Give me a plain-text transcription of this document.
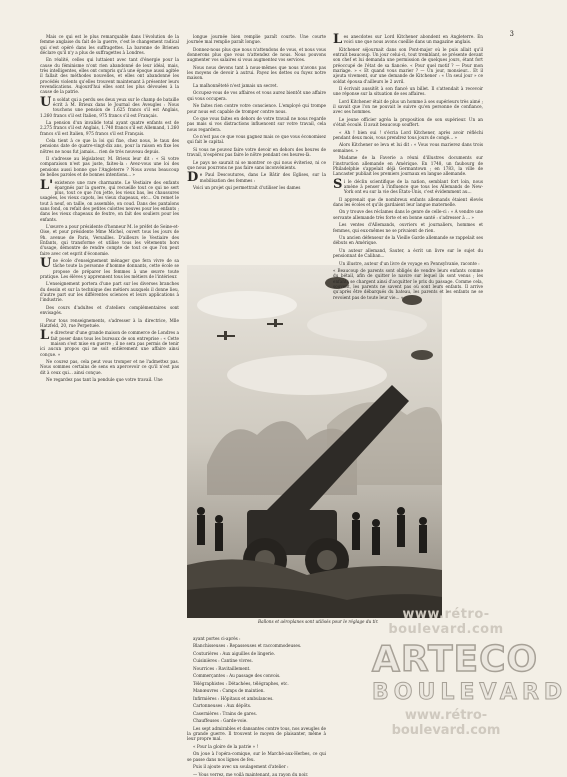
3

Mais ce qui est le plus remarquable dans l'évolution de la femme anglaise du fait de la guerre, c'est le changement radical qui s'est opéré dans les suffragettes. La baronne de Brienen déclare qu'il n'y a plus de suffragettes à Londres.

En réalité, celles qui luttaient avec tant d'énergie pour la cause du féminisme n'ont rien abandonné de leur idéal, mais, très intelligentes, elles ont compris qu'à une époque aussi agitée il fallait des méthodes nouvelles, et elles ont abandonné les procédés violents qu'elles trouvent maintenant à présenter leurs revendications. Aujourd'hui elles sont les plus dévouées à la cause de la patrie.

Un soldat qui a perdu ses deux yeux sur le champ de bataille écrit à M. Brieux dans le Journal des Aveugles : Nous touchons une pension de 1.625 francs s'il est Anglais, 1.260 francs s'il est Italien, 975 francs s'il est Français.

La pension d'un invalide total ayant quatre enfants est de 2.275 francs s'il est Anglais, 1.740 francs s'il est Allemand, 1.260 francs s'il est Italien, 975 francs s'il est Français.

Cela tient à ce que la loi qui fixe, chez nous, le taux des pensions date de quatre-vingt-dix ans, pour la raison en fixe les nôtres ne nous fut jamais... rien de très nouveau depuis.

Il s'adresse au législateur, M. Brieux leur dit : « Si votre comparaison n'est pas juste, faites-la : Avez-vous une loi des pensions aussi bonne que l'Angleterre ? Nous avons beaucoup de belles paroles et de bonnes intentions... »

L'existence une rare charmante. Le Vestiaire des enfants épargnés par la guerre, qui recueille tout ce qui ne sert plus, tout ce que l'on jette, les vieux bas, les chaussures usagées, les vieux capots, les vieux chapeaux, etc... On remet le tout à neuf, on taille, on assemble, on coud. Dans des pantalons sans fond, on refait des petites culottes neuves pour les enfants ; dans les vieux chapeaux de feutre, on fait des souliers pour les enfants.

L'œuvre a pour présidente d'honneur M. le préfet de Seine-et-Oise, et pour présidente Mme Michel, ouvert tous les jours de 9h. avenue de Paris, Versailles. D'ailleurs le Vestiaire des Enfants, qui transforme et utilise tous les vêtements hors d'usage, démontre de rendre compte de tout ce que l'on peut faire avec cet esprit d'économie.

Une école d'enseignement ménager que fera vivre de sa tâche toute la personne d'homme donnants, cette école se propose de préparer les femmes à une œuvre toute pratique. Les élèves y apprennent tous les métiers de l'intérieur.

L'enseignement portera d'une part sur les diverses branches du dessin et sur la technique des métiers auxquels il donne lieu, d'autre part sur les différentes sciences et leurs applications à l'industrie.

Des cours d'adultes et d'ateliers complémentaires sont envisagés.

Pour tous renseignements, s'adresser à la directrice, Mlle Hatzfeld, 20, rue Perpetuée.

Le directeur d'une grande maison de commerce de Londres a fait poser dans tous les bureaux de son entreprise : « Cette maison s'est mise en guerre ; il ne sera pas permis de tenir ici aucun propos qui ne soit entièrement une affaire ainsi conçue. »

Ne courez pas, cela peut vous tromper et ne l'admettez pas. Nous sommes certains de sens en apercevoir ce qu'il n'est pas dit à ceux qui... ainsi conçue.

Ne regardez pas tant la pendule que votre travail. Une

longue journée bien remplie paraît courte. Une courte journée mal remplie paraît longue.

Donnez-nous plus que nous n'attendons de vous, et nous vous donnerons plus que vous n'attendez de nous. Nous pouvons augmenter vos salaires si vous augmentez vos services.

Nous nous devons tant à nous-mêmes que nous n'avons pas les moyens de devoir à autrui. Payez les dettes ou fuyez notre maison.

La malhonnêteté n'est jamais un secret.

Occupez-vous de vos affaires et vous aurez bientôt une affaire qui vous occupera.

Ne faites rien contre votre conscience. L'employé qui trompe pour nous est capable de tromper contre nous.

Ce que vous faites en dehors de votre travail ne nous regarde pas mais si vos distractions influencent sur votre travail, cela nous regardera.

Ce n'est pas ce que vous gagnez mais ce que vous économisez qui fait le capital.

Si vous ne pouvez faire votre devoir en dehors des heures de travail, n'espérez pas faire le nôtre pendant ces heures-là.

Le pays ne saurait ni se montrer ce qui nous éviteriez, ni ce que nous pourrons ne pas faire sans inconvénients.

De Paul Descoutures, dans Le Bâtir des Eglises, sur la mobilisation des femmes :

Voici un projet qui permettrait d'utiliser les dames

Ballons et aéroplanes sont utilisés pour le réglage du tir.

ayant portes ci-après :

Blanchisseuses : Repasseuses et raccommodeuses.

Couturières : Aux aiguilles de lingerie.

Cuisinières : Cantine vivres.

Nourrices : Ravitaillement.

Commerçantes : Au passage des convois.

Télégraphistes : Détachées, télégraphes, etc.

Manœuvres : Camps de maintien.

Infirmières : Hôpitaux et ambulances.

Cartonneuses : Aux dépôts.

Casernières : Trains de gares.

Chauffeuses : Garde-voie.

Les sept admirables et dansantes contre tous, nos aveugles de la grande guerre. Il trouvent le moyen de plaisanter, même à leur propre mal.

« Pour la gloire de la patrie » !

On joue à l'opéra-comique, sur le Marché-aux-Herbes, ce qui se passe dans nos lignes de feu.

Puis il ajoute avec un soulagement d'atelier :

— Vous verrez, me voilà maintenant, au rayon du noir.

Les anecdotes sur Lord Kitchener abondent en Angleterre. En voici une que nous avons cueillie dans un magazine anglais.

Kitchener séjournait dans son Pont-major où le puis allait qu'il entrait beaucoup. Un jour celui-ci, tout tremblant, se présente devant son chef et lui demanda une permission de quelques jours, étant fort préoccupé de l'état de sa fiancée. « Pour quel motif ? — Pour mon mariage. » « Et quand vous marier ? — Un jour, monsieur... Et il ajouta vivement, sur une demande de Kitchener : « Un seul jour » ce soldat épousa d'ailleurs le 2 avril.

Il écrivait aussitôt à son fiancé un billet. Il s'attendait à recevoir une réponse sur la situation de ses affaires.

Lord Kitchener était de plus un homme à ses supérieurs très aimé ; il savait que l'on ne pouvait le suivre qu'en personne de confiance, avec ses hommes.

Le jeune officier agréa la proposition de son supérieur. Un an s'était écoulé. Il avait beaucoup souffert.

« Ah ! bien oui ! s'écria Lord Kitchener, après avoir réfléchi pendant deux mois, vous prendrez tous jours de congé... »

Alors Kitchener se leva et lui dit : « Vous vous marierez dans trois semaines. »

Madame de la Faverie a réuni d'illustres documents sur l'instruction allemande en Amérique. En 1748, un faubourg de Philadelphie s'appelait déjà Germantown ; en 1783, la ville de Lancaster publiait les premiers journaux en langue allemande.

Si le déclin scientifique de la nation, semblant fort loin, nous amène à penser à l'influence que tous les Allemands de New-York ont eu sur la vie des États-Unis, c'est évidemment au...

Il apprenait que de nombreux enfants allemands étaient élevés dans les écoles et qu'ils gardaient leur langue maternelle.

On y trouve des réclames dans le genre de celle-ci : « A vendre une servante allemande très forte et en bonne santé : s'adresser à ... »

Les ventes d'Allemands, ouvriers et journaliers, hommes et femmes, qui eux-mêmes ne se privaient de rien.

Un ancien défenseur de la Vieille Garde allemande se rappelait ses débuts en Amérique.

Un auteur allemand, Sauter, a écrit un livre sur le sujet du pensionnat de Caliban...

Un illustre, auteur d'un livre de voyage en Pennsylvanie, raconte :

« Beaucoup de parents sont obligés de vendre leurs enfants comme du bétail, afin de quitter le navire sur lequel ils sont venus ; les enfants se chargent ainsi d'acquitter le prix du passage. Comme cela, souvent, les parents ne savent pas où sont leurs enfants. Il arrive qu'après être débarqués du bateau, les parents et les enfants ne se revoient pas de toute leur vie... »

www.rétro-boulevard.com
ARTECO
BOULEVARD
www.rétro-boulevard.com
